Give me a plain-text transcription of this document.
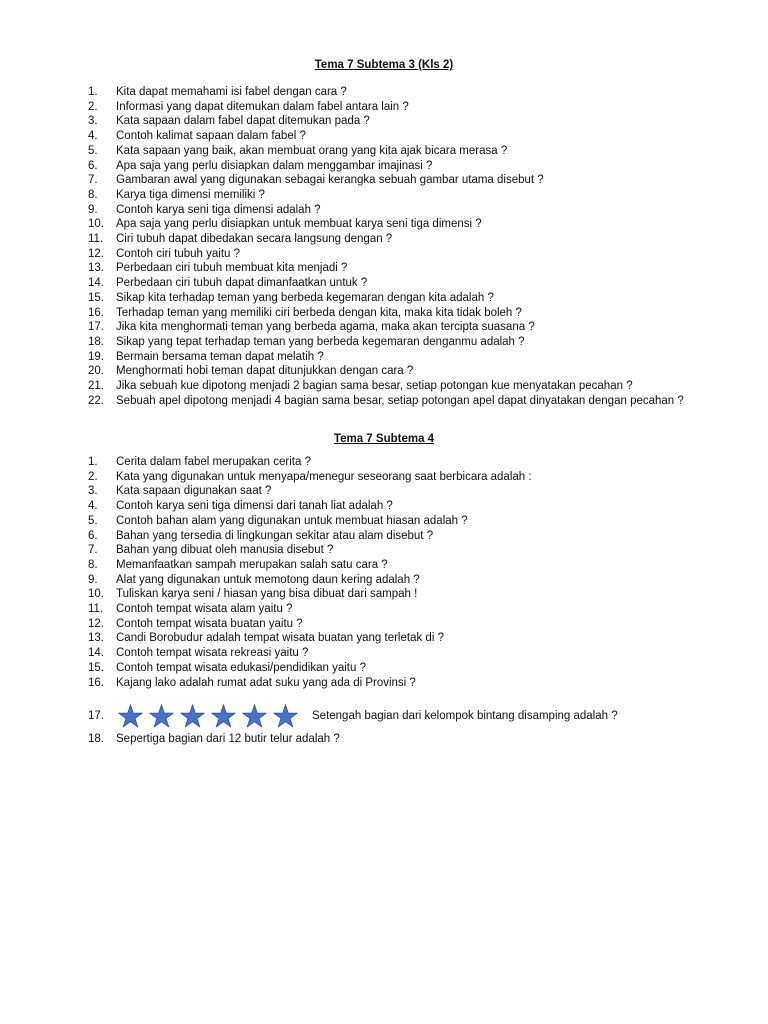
Tema 7 Subtema 3 (Kls 2)
1.	Kita dapat memahami isi fabel dengan cara ?
2.	Informasi yang dapat ditemukan dalam fabel antara lain ?
3.	Kata sapaan dalam fabel dapat ditemukan pada ?
4.	Contoh kalimat sapaan dalam fabel ?
5.	Kata sapaan yang baik, akan membuat orang yang kita ajak bicara merasa ?
6.	Apa saja yang perlu disiapkan dalam menggambar imajinasi ?
7.	Gambaran awal yang digunakan sebagai kerangka sebuah gambar utama disebut ?
8.	Karya tiga dimensi memiliki ?
9.	Contoh karya seni tiga dimensi adalah ?
10.	Apa saja yang perlu disiapkan untuk membuat karya seni tiga dimensi ?
11.	Ciri tubuh dapat dibedakan secara langsung dengan ?
12.	Contoh ciri tubuh yaitu ?
13.	Perbedaan ciri tubuh membuat kita menjadi ?
14.	Perbedaan ciri tubuh dapat dimanfaatkan untuk ?
15.	Sikap kita terhadap teman yang berbeda kegemaran dengan kita adalah ?
16.	Terhadap teman yang memiliki ciri berbeda dengan kita, maka kita tidak boleh ?
17.	Jika kita menghormati teman yang berbeda agama, maka akan tercipta suasana ?
18.	Sikap yang tepat terhadap teman yang berbeda kegemaran denganmu adalah ?
19.	Bermain bersama teman dapat melatih ?
20.	Menghormati hobi teman dapat ditunjukkan dengan cara ?
21.	Jika sebuah kue dipotong menjadi 2 bagian sama besar, setiap potongan kue menyatakan pecahan ?
22.	Sebuah apel dipotong menjadi 4 bagian sama besar, setiap potongan apel dapat dinyatakan dengan pecahan ?
Tema 7 Subtema 4
1.	Cerita dalam fabel merupakan cerita ?
2.	Kata yang digunakan untuk menyapa/menegur seseorang saat berbicara adalah :
3.	Kata sapaan digunakan saat ?
4.	Contoh karya seni tiga dimensi dari tanah liat adalah ?
5.	Contoh bahan alam yang digunakan untuk membuat hiasan adalah ?
6.	Bahan yang tersedia di lingkungan sekitar atau alam disebut ?
7.	Bahan yang dibuat oleh manusia disebut ?
8.	Memanfaatkan sampah merupakan salah satu cara ?
9.	Alat yang digunakan untuk memotong daun kering adalah ?
10.	Tuliskan karya seni / hiasan yang bisa dibuat dari sampah !
11.	Contoh tempat wisata alam yaitu ?
12.	Contoh tempat wisata buatan yaitu ?
13.	Candi Borobudur adalah tempat wisata buatan yang terletak di ?
14.	Contoh tempat wisata rekreasi yaitu ?
15.	Contoh tempat wisata edukasi/pendidikan yaitu ?
16.	Kajang lako adalah rumat adat suku yang ada di Provinsi ?
17.	Setengah bagian dari kelompok bintang disamping adalah ?
18.	Sepertiga bagian dari 12 butir telur adalah ?
